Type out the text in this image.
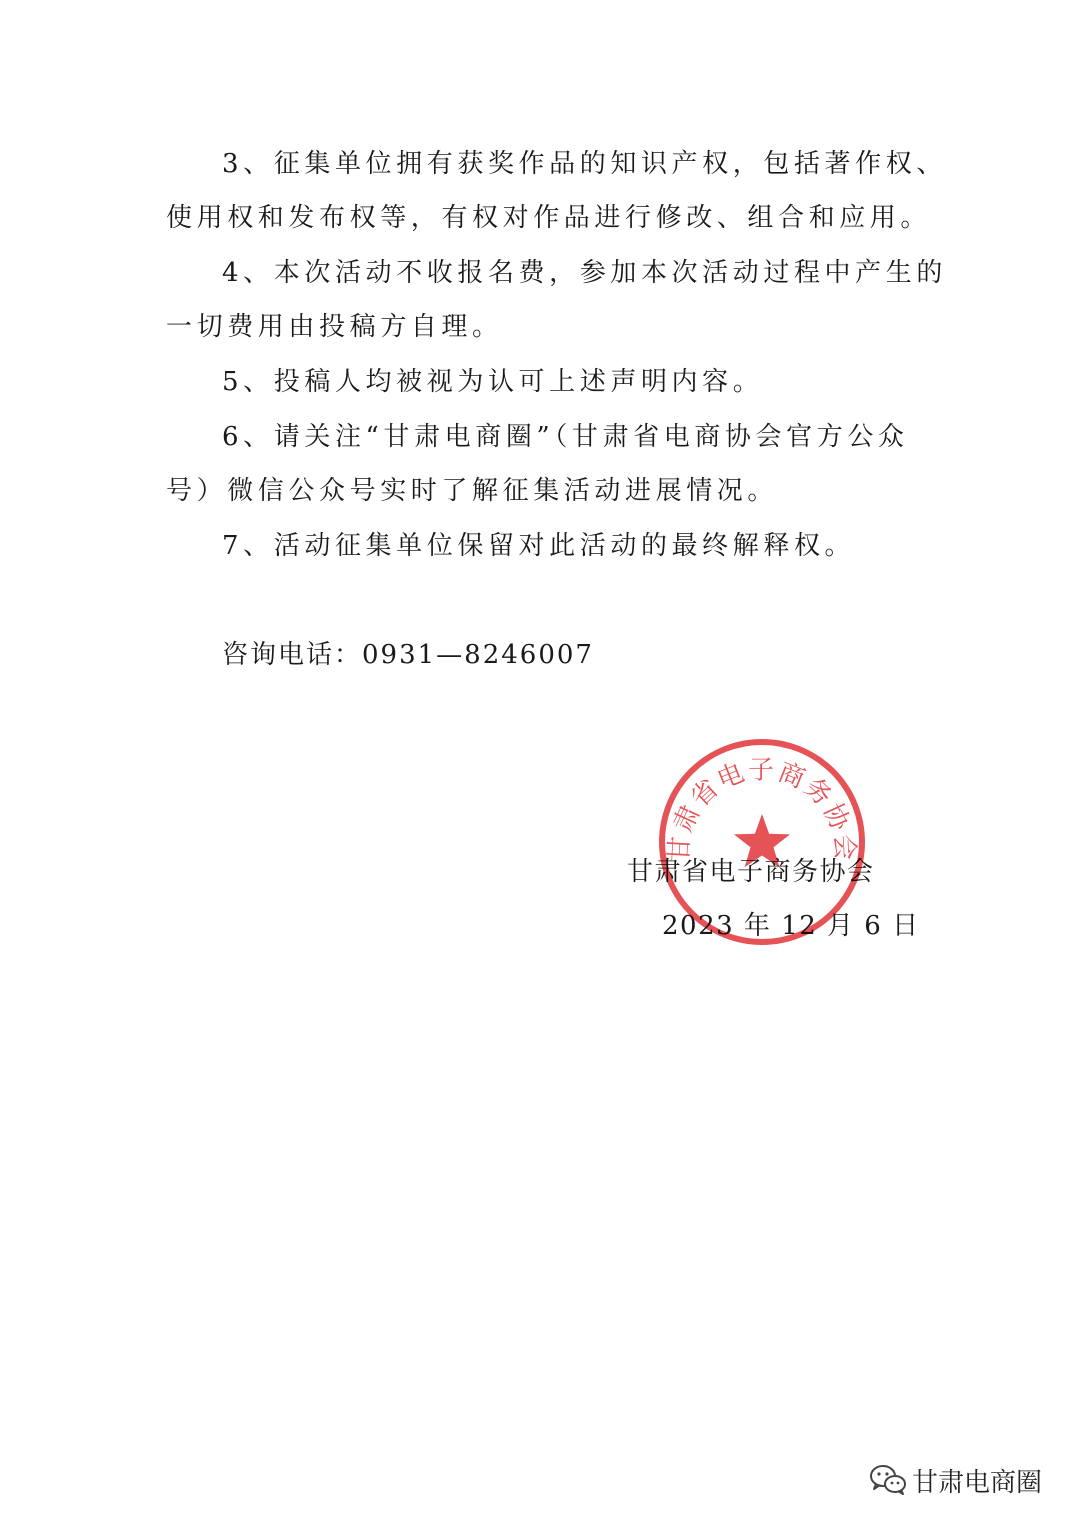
3、征集单位拥有获奖作品的知识产权，包括著作权、
使用权和发布权等，有权对作品进行修改、组合和应用。
4、本次活动不收报名费，参加本次活动过程中产生的
一切费用由投稿方自理。
5、投稿人均被视为认可上述声明内容。
6、请关注“甘肃电商圈”（甘肃省电商协会官方公众
号）微信公众号实时了解征集活动进展情况。
7、活动征集单位保留对此活动的最终解释权。
咨询电话：0931—8246007
甘肃省电子商务协会
2023 年 12 月 6 日
甘肃省电子商务协会
甘肃电商圈
